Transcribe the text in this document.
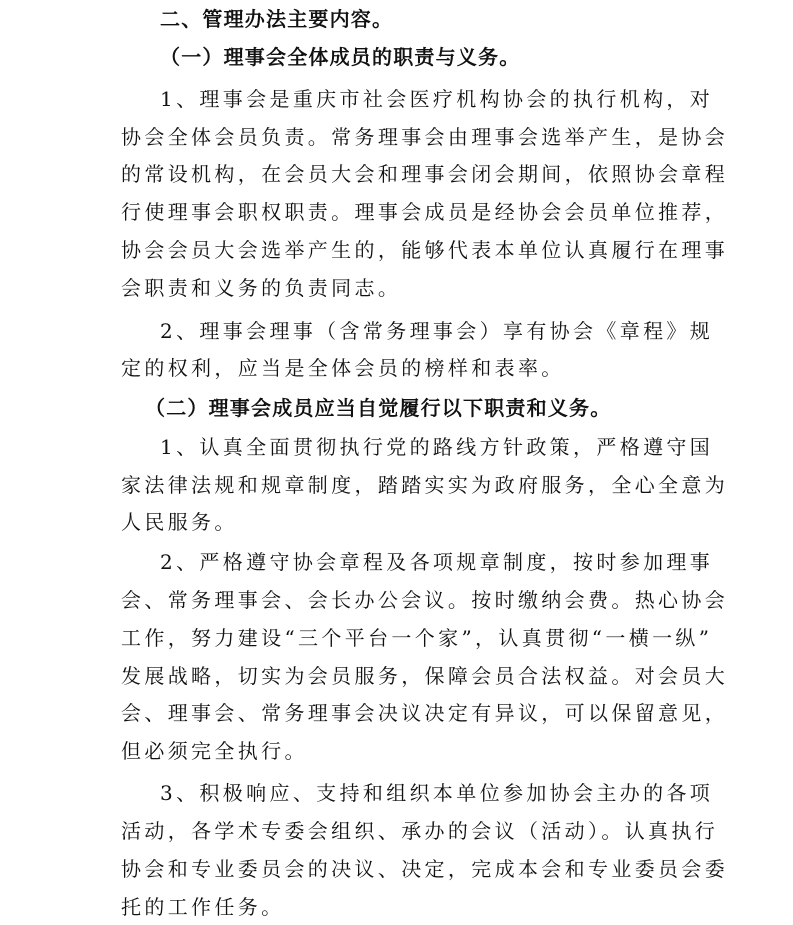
二、管理办法主要内容。
（一）理事会全体成员的职责与义务。
1、理事会是重庆市社会医疗机构协会的执行机构，对
协会全体会员负责。常务理事会由理事会选举产生，是协会
的常设机构，在会员大会和理事会闭会期间，依照协会章程
行使理事会职权职责。理事会成员是经协会会员单位推荐，
协会会员大会选举产生的，能够代表本单位认真履行在理事
会职责和义务的负责同志。
2、理事会理事（含常务理事会）享有协会《章程》规
定的权利，应当是全体会员的榜样和表率。
（二）理事会成员应当自觉履行以下职责和义务。
1、认真全面贯彻执行党的路线方针政策，严格遵守国
家法律法规和规章制度，踏踏实实为政府服务，全心全意为
人民服务。
2、严格遵守协会章程及各项规章制度，按时参加理事
会、常务理事会、会长办公会议。按时缴纳会费。热心协会
工作，努力建设“三个平台一个家”，认真贯彻“一横一纵”
发展战略，切实为会员服务，保障会员合法权益。对会员大
会、理事会、常务理事会决议决定有异议，可以保留意见，
但必须完全执行。
3、积极响应、支持和组织本单位参加协会主办的各项
活动，各学术专委会组织、承办的会议（活动）。认真执行
协会和专业委员会的决议、决定，完成本会和专业委员会委
托的工作任务。
